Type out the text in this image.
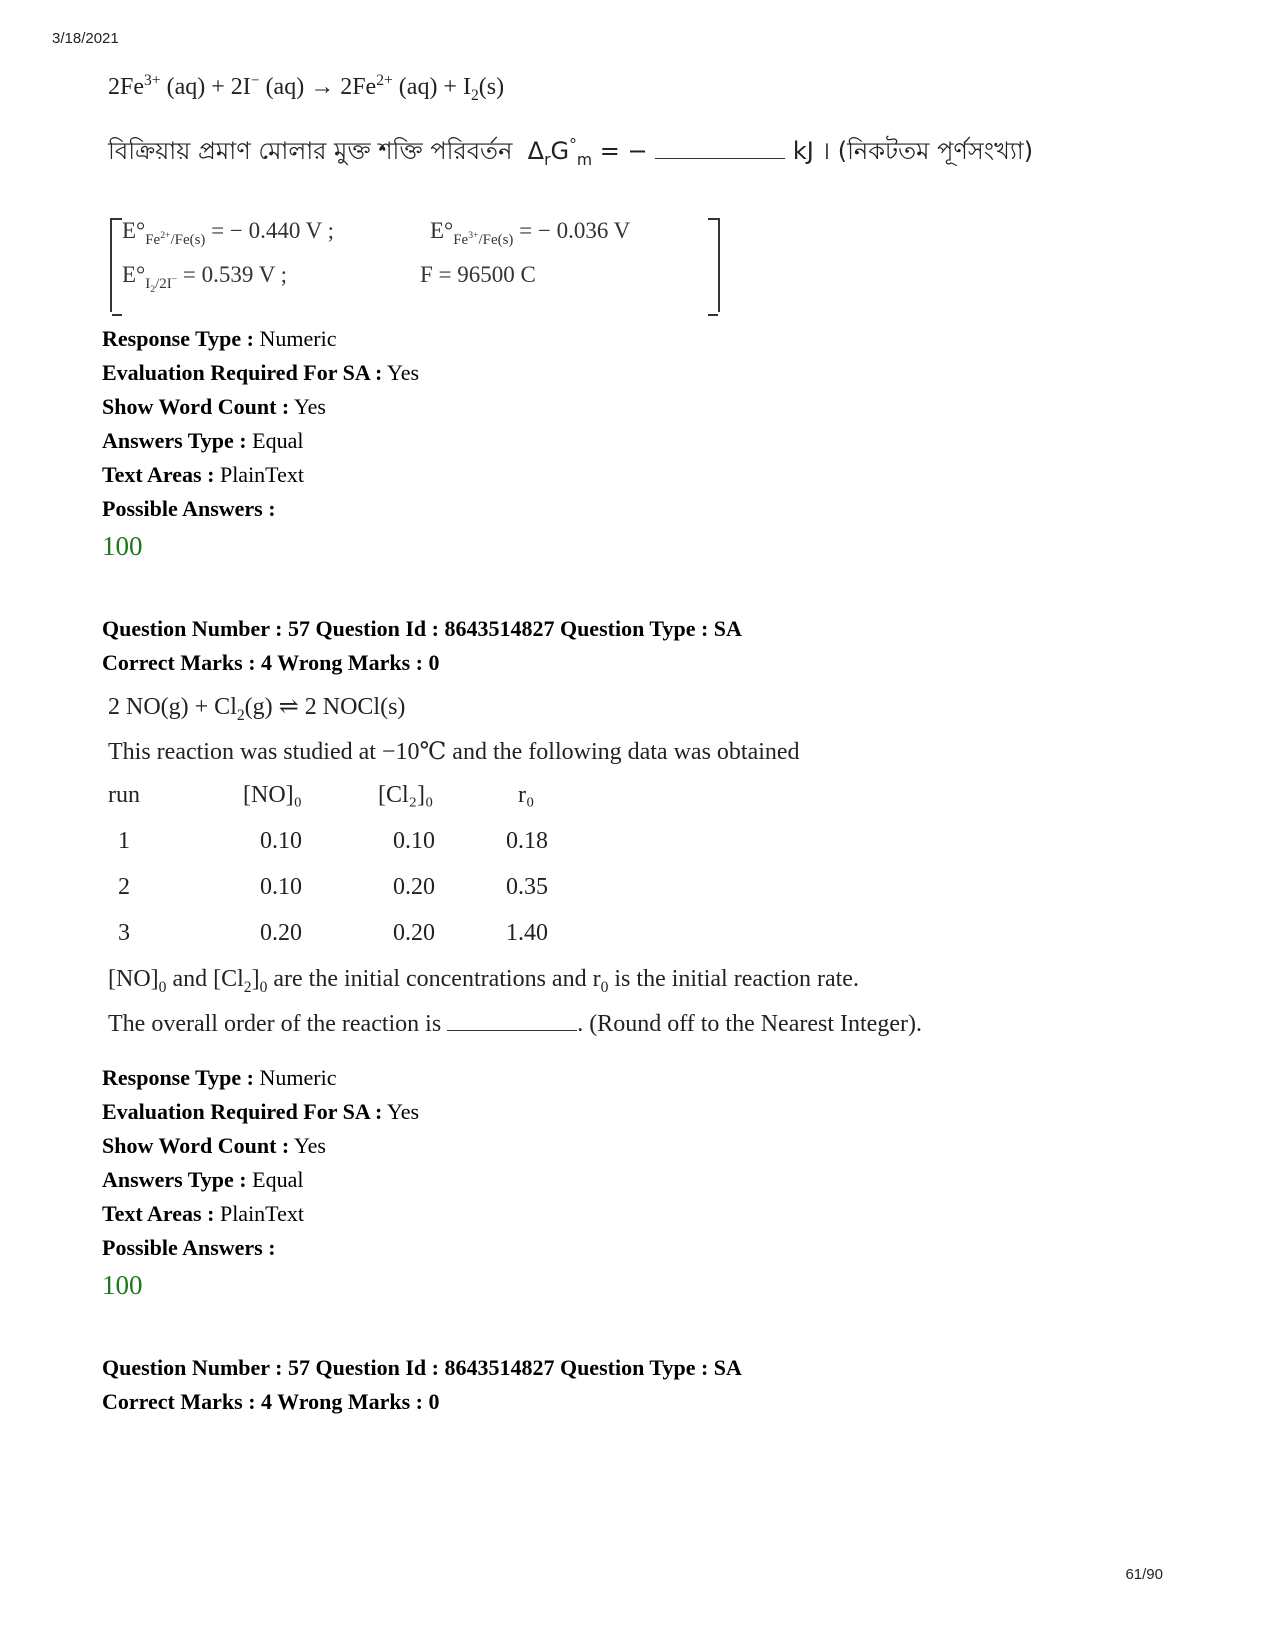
3/18/2021
$2Fe^{3+}$ (aq) + 2I− $(aq) \to 2Fe^{2+}$ $(aq) + I_2(s)$
বিক্রিয়ায় প্রমাণ মোলার মুক্ত শক্তি পরিবর্তন  $\Delta_rG^\circ_m$ = −	kJ । (নিকটতম পূর্ণসংখ্যা)
$E^\circ_{Fe^{2+}/Fe(s)}$ = − 0.440 V ;	$E^\circ_{Fe^{3+}/Fe(s)}$ = − 0.036 V
$E^\circ_{I_2/2I^-} = 0.539$ V ;	F = 96500 C
Response Type : Numeric
Evaluation Required For SA : Yes
Show Word Count : Yes
Answers Type : Equal
Text Areas : PlainText
Possible Answers :
100
Question Number : 57 Question Id : 8643514827 Question Type : SA
Correct Marks : 4 Wrong Marks : 0
2 $NO(g) + Cl_2(g)$ ⇌ 2 NOCl(s)
This reaction was studied at −10℃ and the following data was obtained
run	[NO]₀	[Cl₂]₀	r₀
1	0.10	0.10	0.18
2	0.10	0.20	0.35
3	0.20	0.20	1.40
$[NO]_0$ and $[Cl_2]_0$ are the initial concentrations and $r_0$ is the initial reaction rate.
The overall order of the reaction is	. (Round off to the Nearest Integer).
Response Type : Numeric
Evaluation Required For SA : Yes
Show Word Count : Yes
Answers Type : Equal
Text Areas : PlainText
Possible Answers :
100
Question Number : 57 Question Id : 8643514827 Question Type : SA
Correct Marks : 4 Wrong Marks : 0
61/90
